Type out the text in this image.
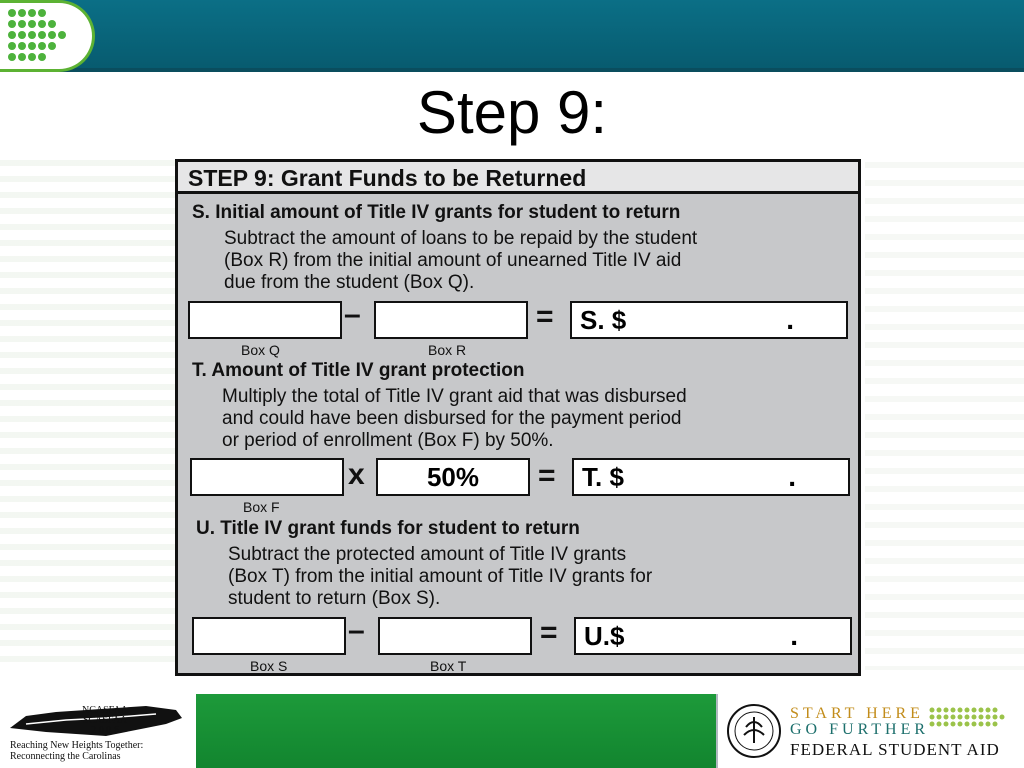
Step 9:
STEP 9: Grant Funds to be Returned
S. Initial amount of Title IV grants for student to return
Subtract the amount of loans to be repaid by the student
(Box R) from the initial amount of unearned Title IV aid
due from the student (Box Q).
–	=	S. $	.
Box Q	Box R
T. Amount of Title IV grant protection
Multiply the total of Title IV grant aid that was disbursed
and could have been disbursed for the payment period
or period of enrollment (Box F) by 50%.
x	50%	=	T. $	.
Box F
U. Title IV grant funds for student to return
Subtract the protected amount of Title IV grants
(Box T) from the initial amount of Title IV grants for
student to return (Box S).
–	=	U.$	.
Box S	Box T
NCASFAA
SCASFAA
2 0 0 6
Reaching New Heights Together:
Reconnecting the Carolinas
START HERE
GO FURTHER
FEDERAL STUDENT AID
